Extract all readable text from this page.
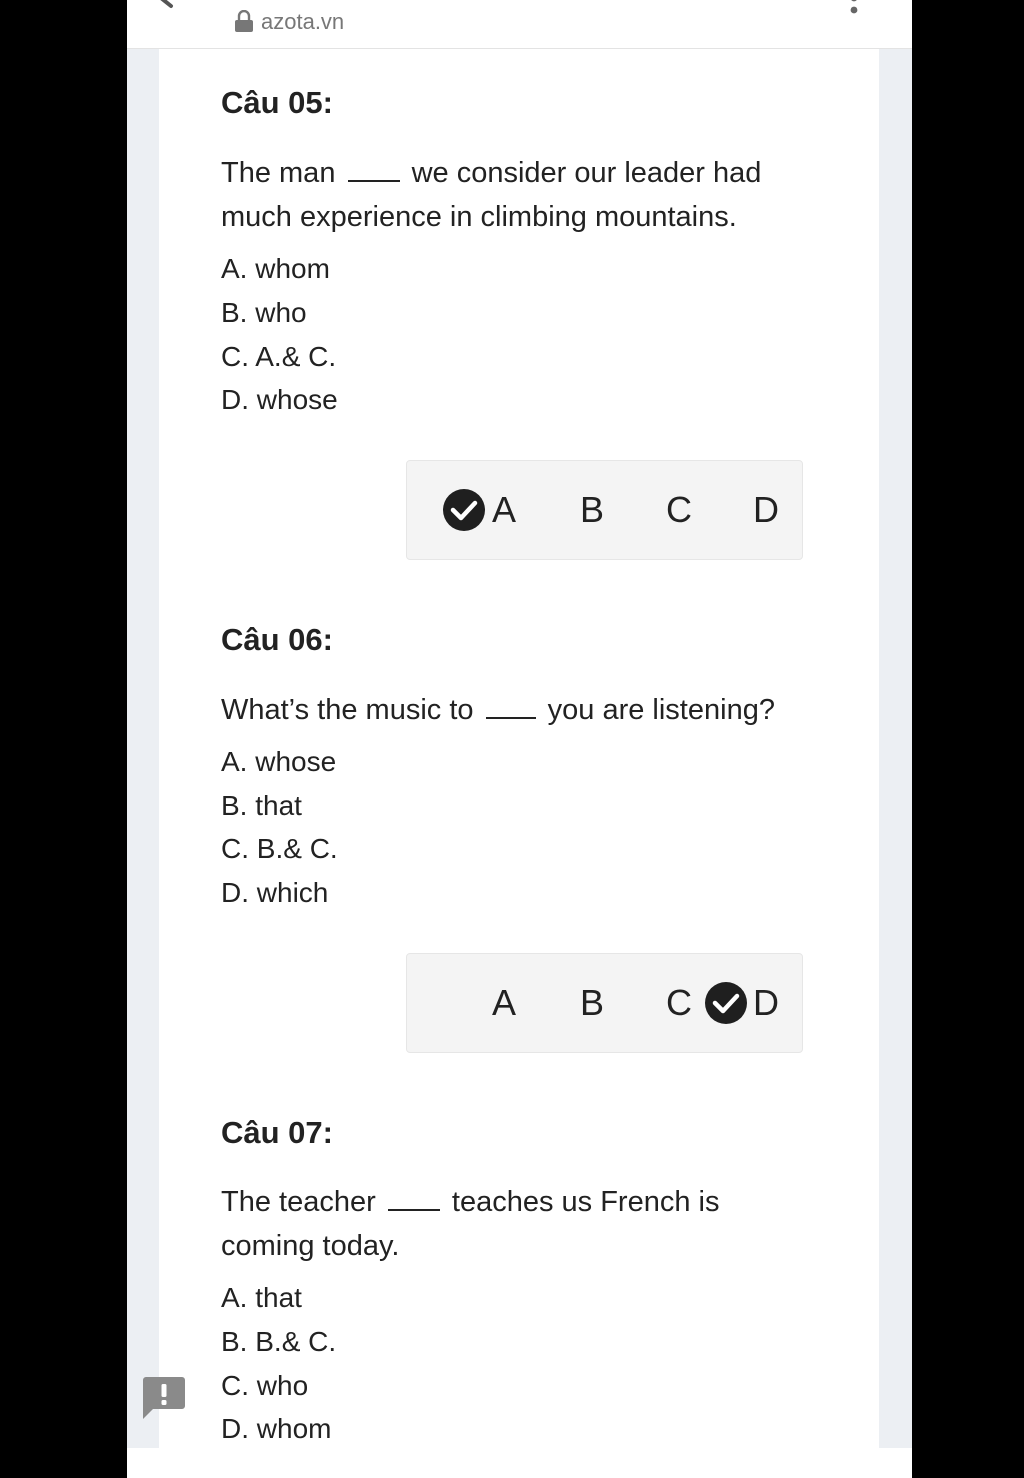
azota.vn
Câu 05:
The man	we consider our leader had much experience in climbing mountains.
A. whom
B. who
C. A.& C.
D. whose
A B C D
Câu 06:
What’s the music to	you are listening?
A. whose
B. that
C. B.& C.
D. which
A B C D
Câu 07:
The teacher	teaches us French is coming today.
A. that
B. B.& C.
C. who
D. whom
